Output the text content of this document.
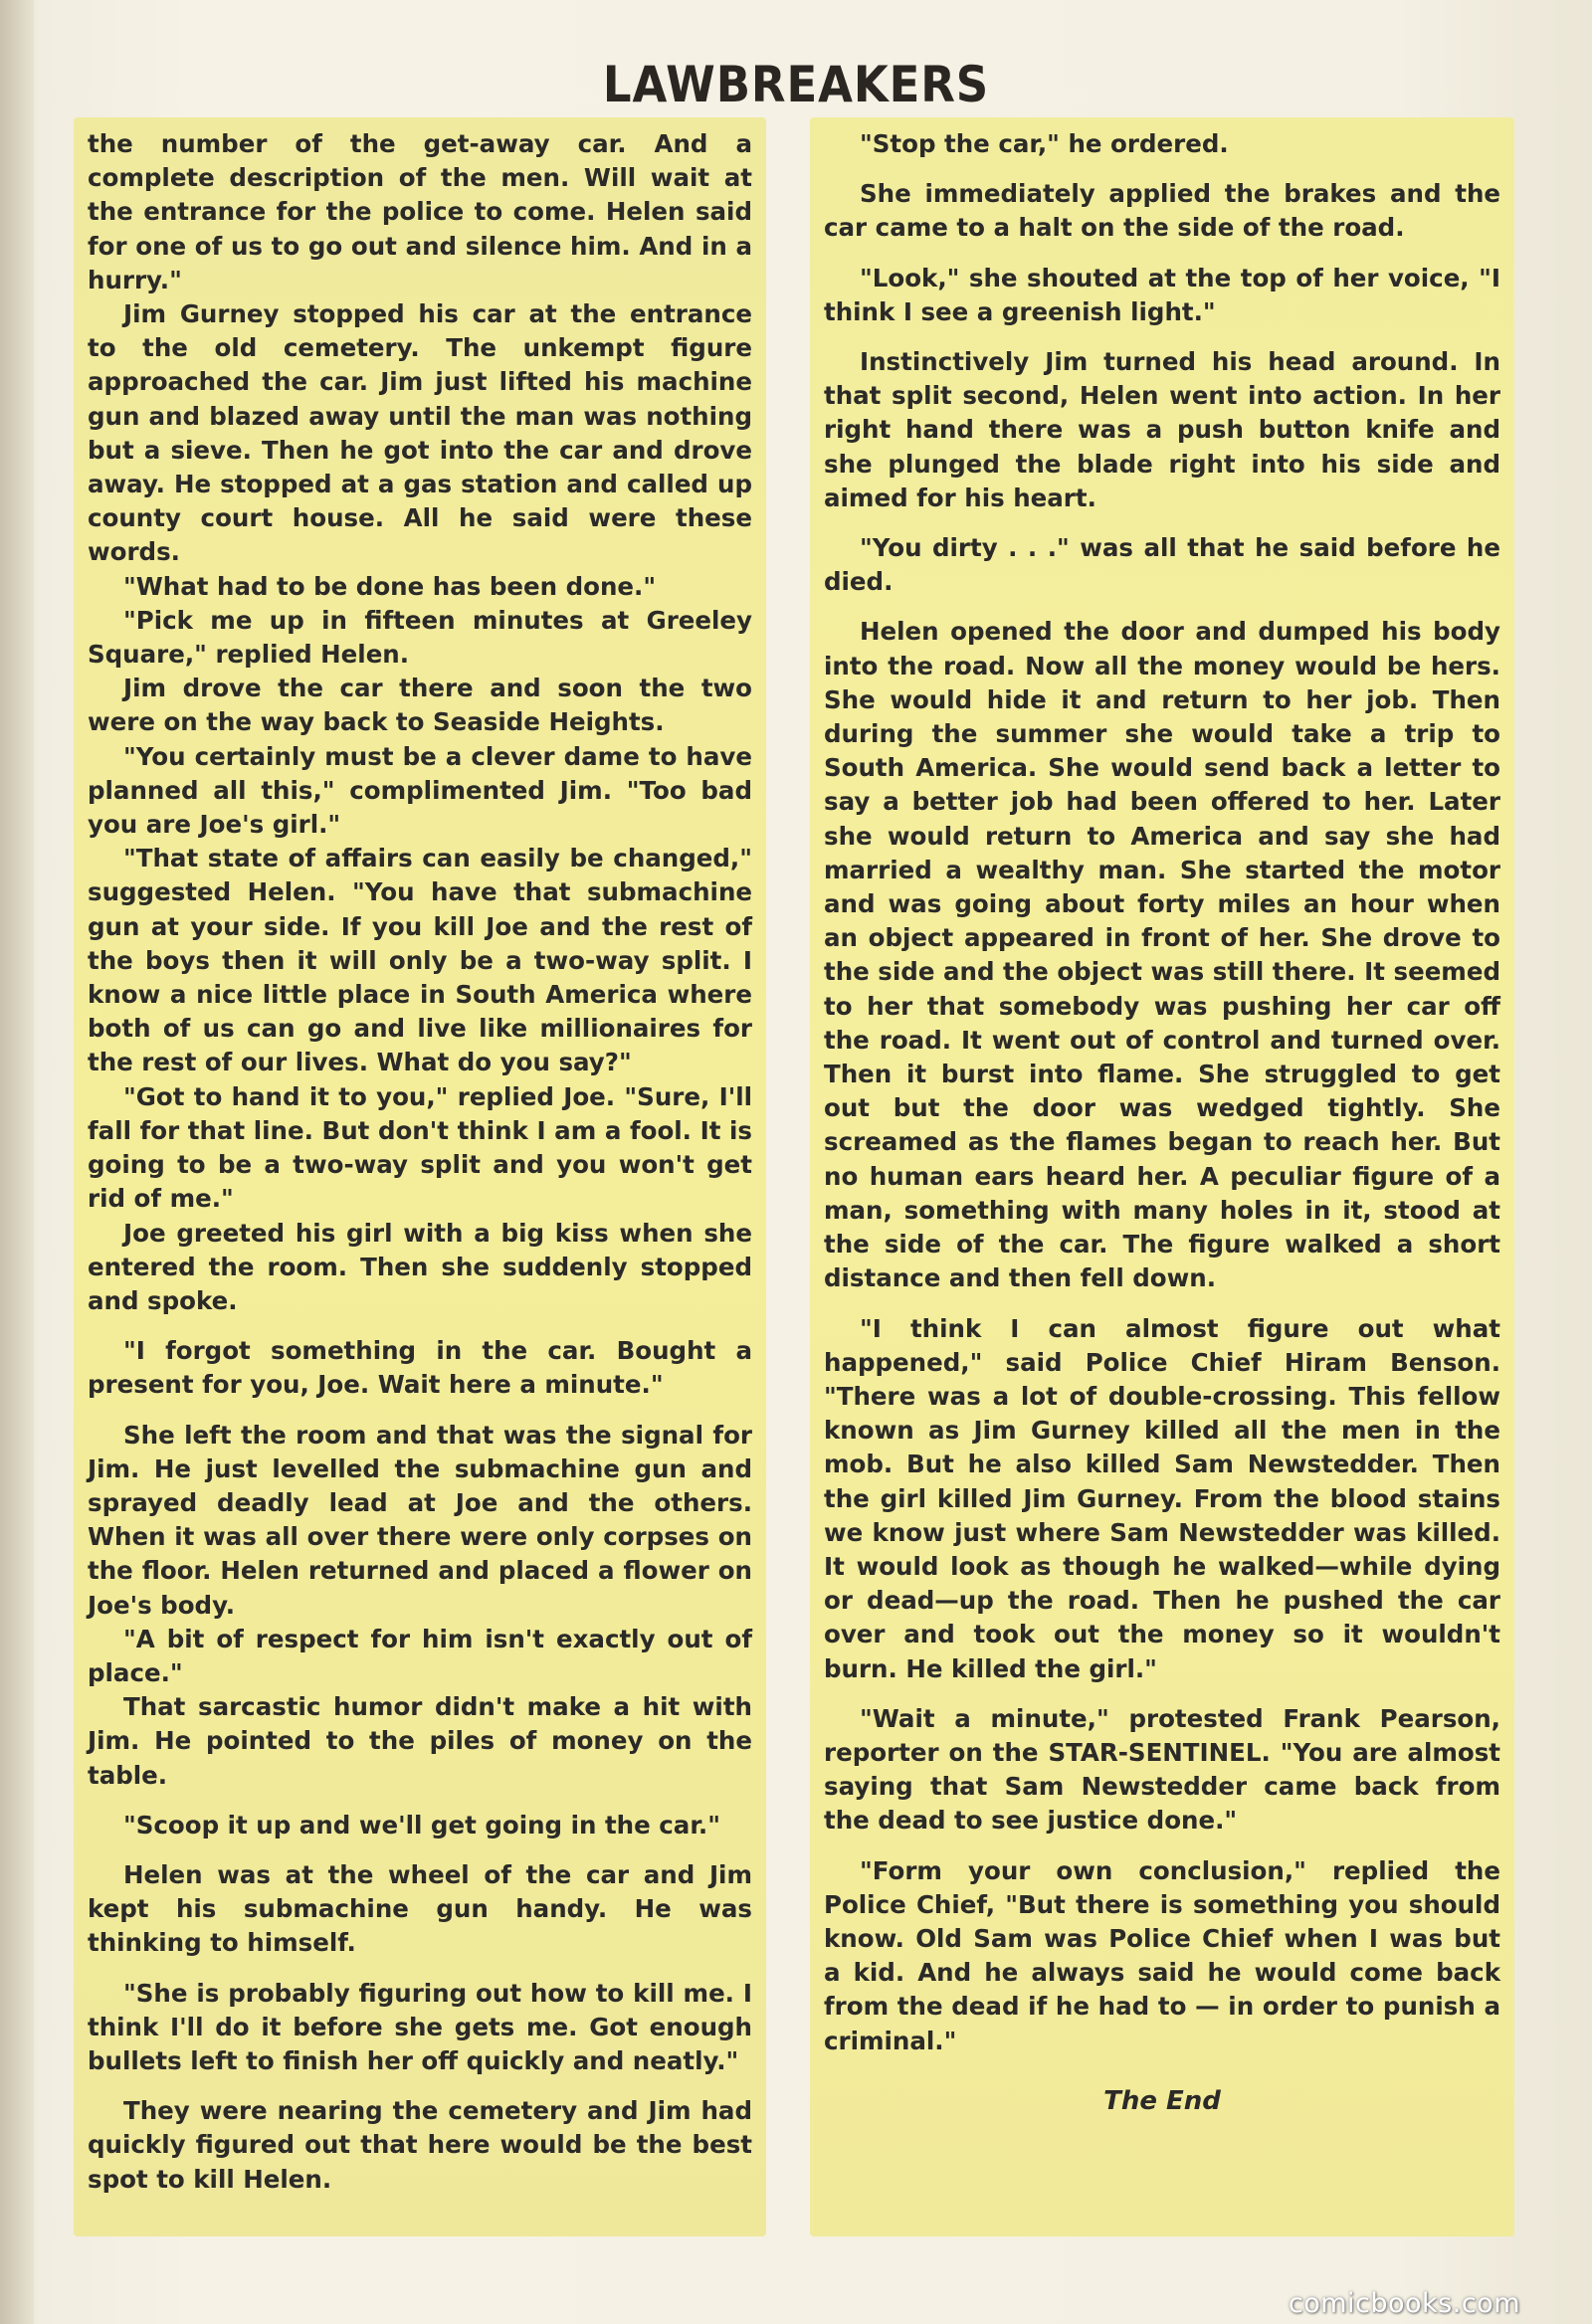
LAWBREAKERS

the number of the get-away car. And a complete description of the men. Will wait at the entrance for the police to come. Helen said for one of us to go out and silence him. And in a hurry."

Jim Gurney stopped his car at the entrance to the old cemetery. The unkempt figure approached the car. Jim just lifted his machine gun and blazed away until the man was nothing but a sieve. Then he got into the car and drove away. He stopped at a gas station and called up county court house. All he said were these words.

"What had to be done has been done."

"Pick me up in fifteen minutes at Greeley Square," replied Helen.

Jim drove the car there and soon the two were on the way back to Seaside Heights.

"You certainly must be a clever dame to have planned all this," complimented Jim. "Too bad you are Joe's girl."

"That state of affairs can easily be changed," suggested Helen. "You have that submachine gun at your side. If you kill Joe and the rest of the boys then it will only be a two-way split. I know a nice little place in South America where both of us can go and live like millionaires for the rest of our lives. What do you say?"

"Got to hand it to you," replied Joe. "Sure, I'll fall for that line. But don't think I am a fool. It is going to be a two-way split and you won't get rid of me."

Joe greeted his girl with a big kiss when she entered the room. Then she suddenly stopped and spoke.

"I forgot something in the car. Bought a present for you, Joe. Wait here a minute."

She left the room and that was the signal for Jim. He just levelled the submachine gun and sprayed deadly lead at Joe and the others. When it was all over there were only corpses on the floor. Helen returned and placed a flower on Joe's body.

"A bit of respect for him isn't exactly out of place."

That sarcastic humor didn't make a hit with Jim. He pointed to the piles of money on the table.

"Scoop it up and we'll get going in the car."

Helen was at the wheel of the car and Jim kept his submachine gun handy. He was thinking to himself.

"She is probably figuring out how to kill me. I think I'll do it before she gets me. Got enough bullets left to finish her off quickly and neatly."

They were nearing the cemetery and Jim had quickly figured out that here would be the best spot to kill Helen.

"Stop the car," he ordered.

She immediately applied the brakes and the car came to a halt on the side of the road.

"Look," she shouted at the top of her voice, "I think I see a greenish light."

Instinctively Jim turned his head around. In that split second, Helen went into action. In her right hand there was a push button knife and she plunged the blade right into his side and aimed for his heart.

"You dirty . . ." was all that he said before he died.

Helen opened the door and dumped his body into the road. Now all the money would be hers. She would hide it and return to her job. Then during the summer she would take a trip to South America. She would send back a letter to say a better job had been offered to her. Later she would return to America and say she had married a wealthy man. She started the motor and was going about forty miles an hour when an object appeared in front of her. She drove to the side and the object was still there. It seemed to her that somebody was pushing her car off the road. It went out of control and turned over. Then it burst into flame. She struggled to get out but the door was wedged tightly. She screamed as the flames began to reach her. But no human ears heard her. A peculiar figure of a man, something with many holes in it, stood at the side of the car. The figure walked a short distance and then fell down.

"I think I can almost figure out what happened," said Police Chief Hiram Benson. "There was a lot of double-crossing. This fellow known as Jim Gurney killed all the men in the mob. But he also killed Sam Newstedder. Then the girl killed Jim Gurney. From the blood stains we know just where Sam Newstedder was killed. It would look as though he walked—while dying or dead—up the road. Then he pushed the car over and took out the money so it wouldn't burn. He killed the girl."

"Wait a minute," protested Frank Pearson, reporter on the STAR-SENTINEL. "You are almost saying that Sam Newstedder came back from the dead to see justice done."

"Form your own conclusion," replied the Police Chief, "But there is something you should know. Old Sam was Police Chief when I was but a kid. And he always said he would come back from the dead if he had to — in order to punish a criminal."

The End

comicbooks.com
